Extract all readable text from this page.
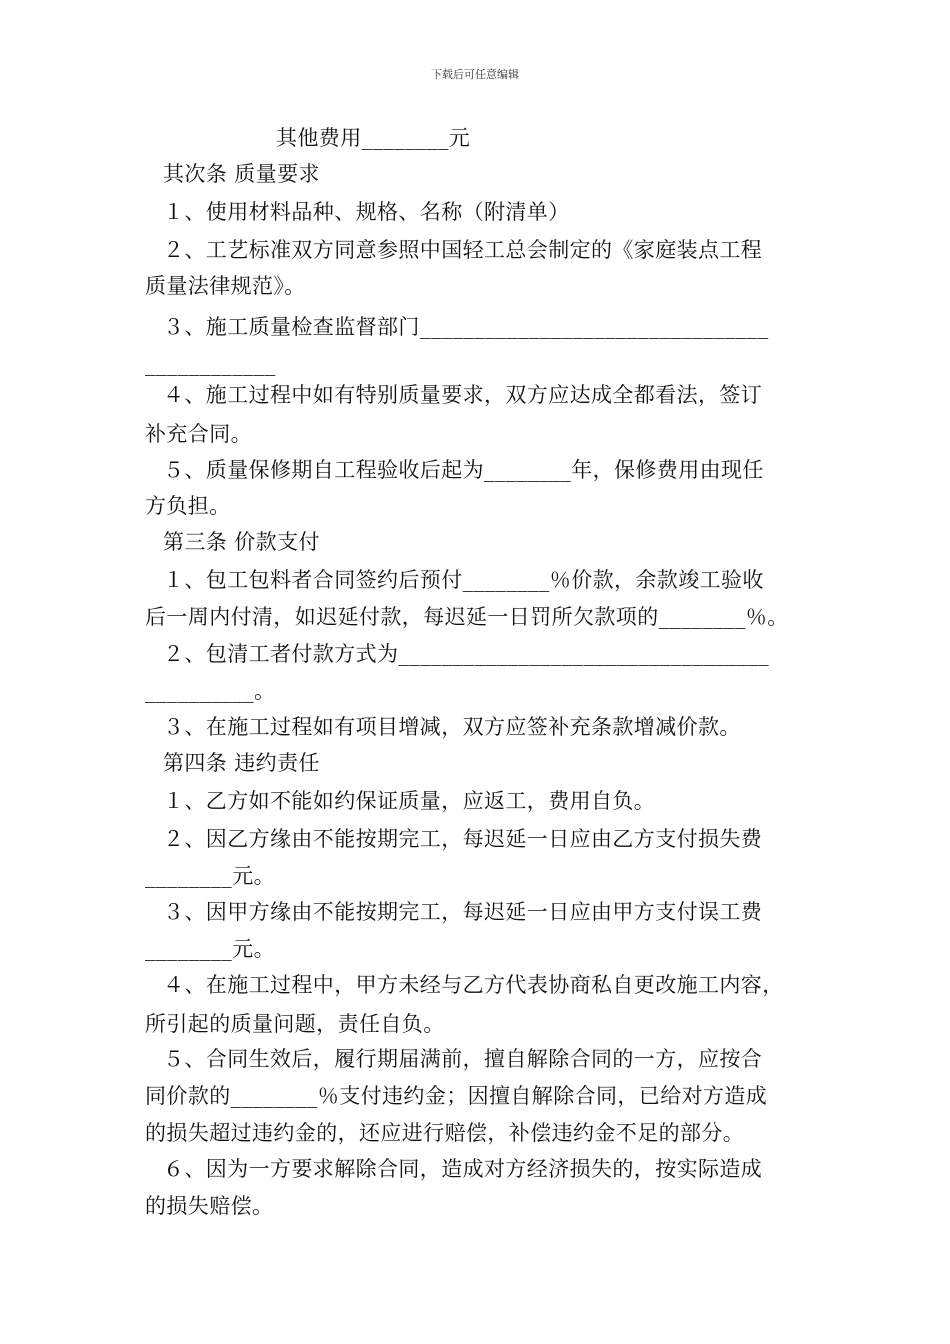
下载后可任意编辑
其他费用________元
其次条 质量要求
１、使用材料品种、规格、名称（附清单）
２、工艺标准双方同意参照中国轻工总会制定的《家庭装点工程
质量法律规范》。
３、施工质量检查监督部门________________________________
____________
４、施工过程中如有特别质量要求，双方应达成全都看法，签订
补充合同。
５、质量保修期自工程验收后起为________年，保修费用由现任
方负担。
第三条 价款支付
１、包工包料者合同签约后预付________％价款，余款竣工验收
后一周内付清，如迟延付款，每迟延一日罚所欠款项的________％。
２、包清工者付款方式为__________________________________
__________。
３、在施工过程如有项目增减，双方应签补充条款增减价款。
第四条 违约责任
１、乙方如不能如约保证质量，应返工，费用自负。
２、因乙方缘由不能按期完工，每迟延一日应由乙方支付损失费
________元。
３、因甲方缘由不能按期完工，每迟延一日应由甲方支付误工费
________元。
４、在施工过程中，甲方未经与乙方代表协商私自更改施工内容，
所引起的质量问题，责任自负。
５、合同生效后，履行期届满前，擅自解除合同的一方，应按合
同价款的________％支付违约金；因擅自解除合同，已给对方造成
的损失超过违约金的，还应进行赔偿，补偿违约金不足的部分。
６、因为一方要求解除合同，造成对方经济损失的，按实际造成
的损失赔偿。
